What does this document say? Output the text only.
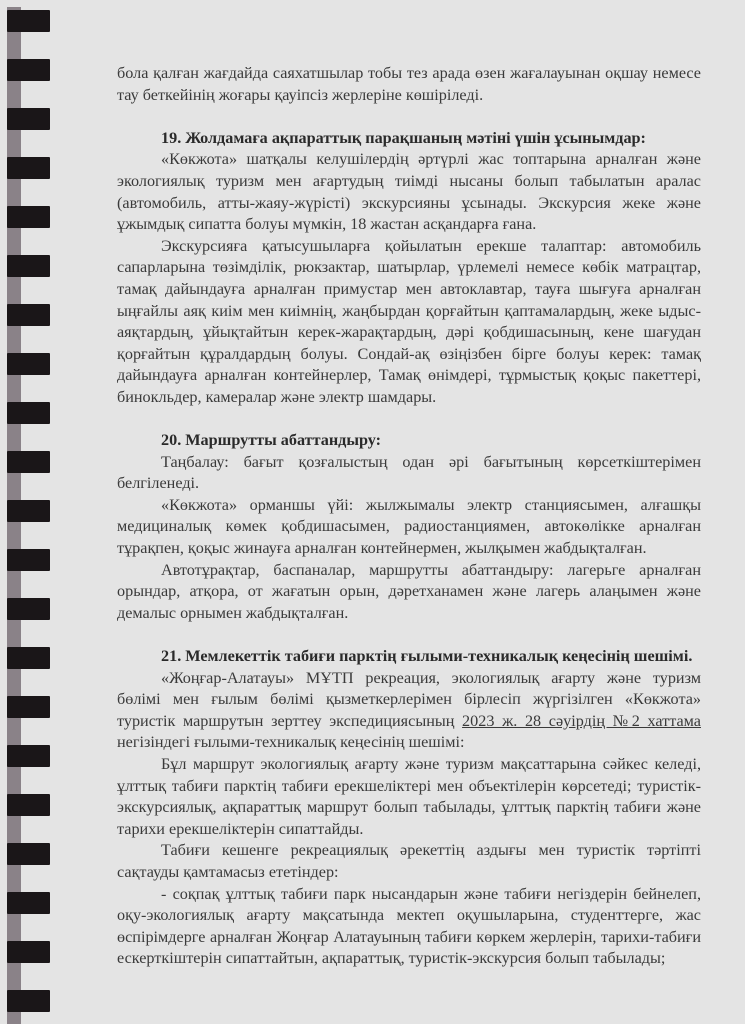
бола қалған жағдайда саяхатшылар тобы тез арада өзен жағалауынан оқшау немесе тау беткейінің жоғары қауіпсіз жерлеріне көшіріледі.

19. Жолдамаға ақпараттық парақшаның мәтіні үшін ұсынымдар:

«Көкжота» шатқалы келушілердің әртүрлі жас топтарына арналған және экологиялық туризм мен ағартудың тиімді нысаны болып табылатын аралас (автомобиль, атты-жаяу-жүрісті) экскурсияны ұсынады. Экскурсия жеке және ұжымдық сипатта болуы мүмкін, 18 жастан асқандарға ғана.

Экскурсияға қатысушыларға қойылатын ерекше талаптар: автомобиль сапарларына төзімділік, рюкзактар, шатырлар, үрлемелі немесе көбік матрацтар, тамақ дайындауға арналған примустар мен автоклавтар, тауға шығуға арналған ыңғайлы аяқ киім мен киімнің, жаңбырдан қорғайтын қаптамалардың, жеке ыдыс-аяқтардың, ұйықтайтын керек-жарақтардың, дәрі қобдишасының, кене шағудан қорғайтын құралдардың болуы. Сондай-ақ өзіңізбен бірге болуы керек: тамақ дайындауға арналған контейнерлер, Тамақ өнімдері, тұрмыстық қоқыс пакеттері, бинокльдер, камералар және электр шамдары.

20. Маршрутты абаттандыру:

Таңбалау: бағыт қозғалыстың одан әрі бағытының көрсеткіштерімен белгіленеді.

«Көкжота» орманшы үйі: жылжымалы электр станциясымен, алғашқы медициналық көмек қобдишасымен, радиостанциямен, автокөлікке арналған тұрақпен, қоқыс жинауға арналған контейнермен, жылқымен жабдықталған.

Автотұрақтар, баспаналар, маршрутты абаттандыру: лагерьге арналған орындар, атқора, от жағатын орын, дәретханамен және лагерь алаңымен және демалыс орнымен жабдықталған.

21. Мемлекеттік табиғи парктің ғылыми-техникалық кеңесінің шешімі.

«Жоңғар-Алатауы» МҰТП рекреация, экологиялық ағарту және туризм бөлімі мен ғылым бөлімі қызметкерлерімен бірлесіп жүргізілген «Көкжота» туристік маршрутын зерттеу экспедициясының 2023 ж. 28 сәуірдің №2 хаттама негізіндегі ғылыми-техникалық кеңесінің шешімі:

Бұл маршрут экологиялық ағарту және туризм мақсаттарына сәйкес келеді, ұлттық табиғи парктің табиғи ерекшеліктері мен объектілерін көрсетеді; туристік-экскурсиялық, ақпараттық маршрут болып табылады, ұлттық парктің табиғи және тарихи ерекшеліктерін сипаттайды.

Табиғи кешенге рекреациялық әрекеттің аздығы мен туристік тәртіпті сақтауды қамтамасыз ететіндер:

- соқпақ ұлттық табиғи парк нысандарын және табиғи негіздерін бейнелеп, оқу-экологиялық ағарту мақсатында мектеп оқушыларына, студенттерге, жас өспірімдерге арналған Жоңғар Алатауының табиғи көркем жерлерін, тарихи-табиғи ескерткіштерін сипаттайтын, ақпараттық, туристік-экскурсия болып табылады;
